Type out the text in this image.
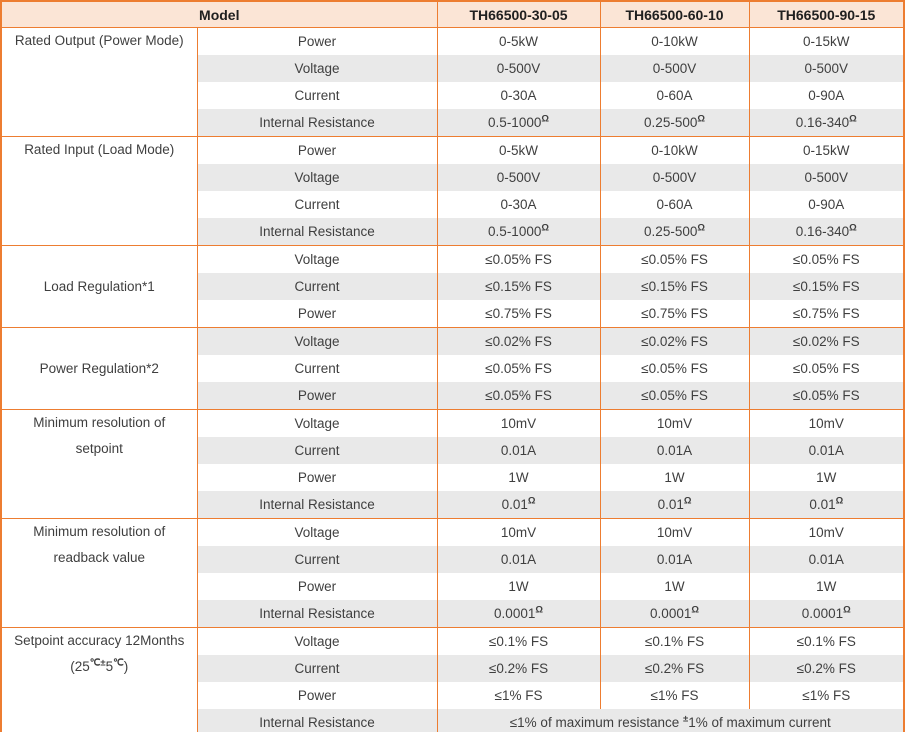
Model		TH66500-30-05	TH66500-60-10	TH66500-90-15
Rated Output (Power Mode)	Power	0-5kW	0-10kW	0-15kW
	Voltage	0-500V	0-500V	0-500V
	Current	0-30A	0-60A	0-90A
	Internal Resistance	$0.5-1000^\Omega$	$0.25-500^\Omega$	$0.16-340^\Omega$
Rated Input (Load Mode)	Power	0-5kW	0-10kW	0-15kW
	Voltage	0-500V	0-500V	0-500V
	Current	0-30A	0-60A	0-90A
	Internal Resistance	$0.5-1000^\Omega$	$0.25-500^\Omega$	$0.16-340^\Omega$
Load Regulation*1	Voltage	≤0.05% FS	≤0.05% FS	≤0.05% FS
	Current	≤0.15% FS	≤0.15% FS	≤0.15% FS
	Power	≤0.75% FS	≤0.75% FS	≤0.75% FS
Power Regulation*2	Voltage	≤0.02% FS	≤0.02% FS	≤0.02% FS
	Current	≤0.05% FS	≤0.05% FS	≤0.05% FS
	Power	≤0.05% FS	≤0.05% FS	≤0.05% FS
Minimum resolution of setpoint	Voltage	10mV	10mV	10mV
	Current	0.01A	0.01A	0.01A
	Power	1W	1W	1W
	Internal Resistance	$0.01^\Omega$	$0.01^\Omega$	$0.01^\Omega$
Minimum resolution of readback value	Voltage	10mV	10mV	10mV
	Current	0.01A	0.01A	0.01A
	Power	1W	1W	1W
	Internal Resistance	$0.0001^\Omega$	$0.0001^\Omega$	$0.0001^\Omega$
Setpoint accuracy 12Months (25℃±5℃)	Voltage	≤0.1% FS	≤0.1% FS	≤0.1% FS
	Current	≤0.2% FS	≤0.2% FS	≤0.2% FS
	Power	≤1% FS	≤1% FS	≤1% FS
	Internal Resistance	≤1% of maximum resistance ±1% of maximum current		
